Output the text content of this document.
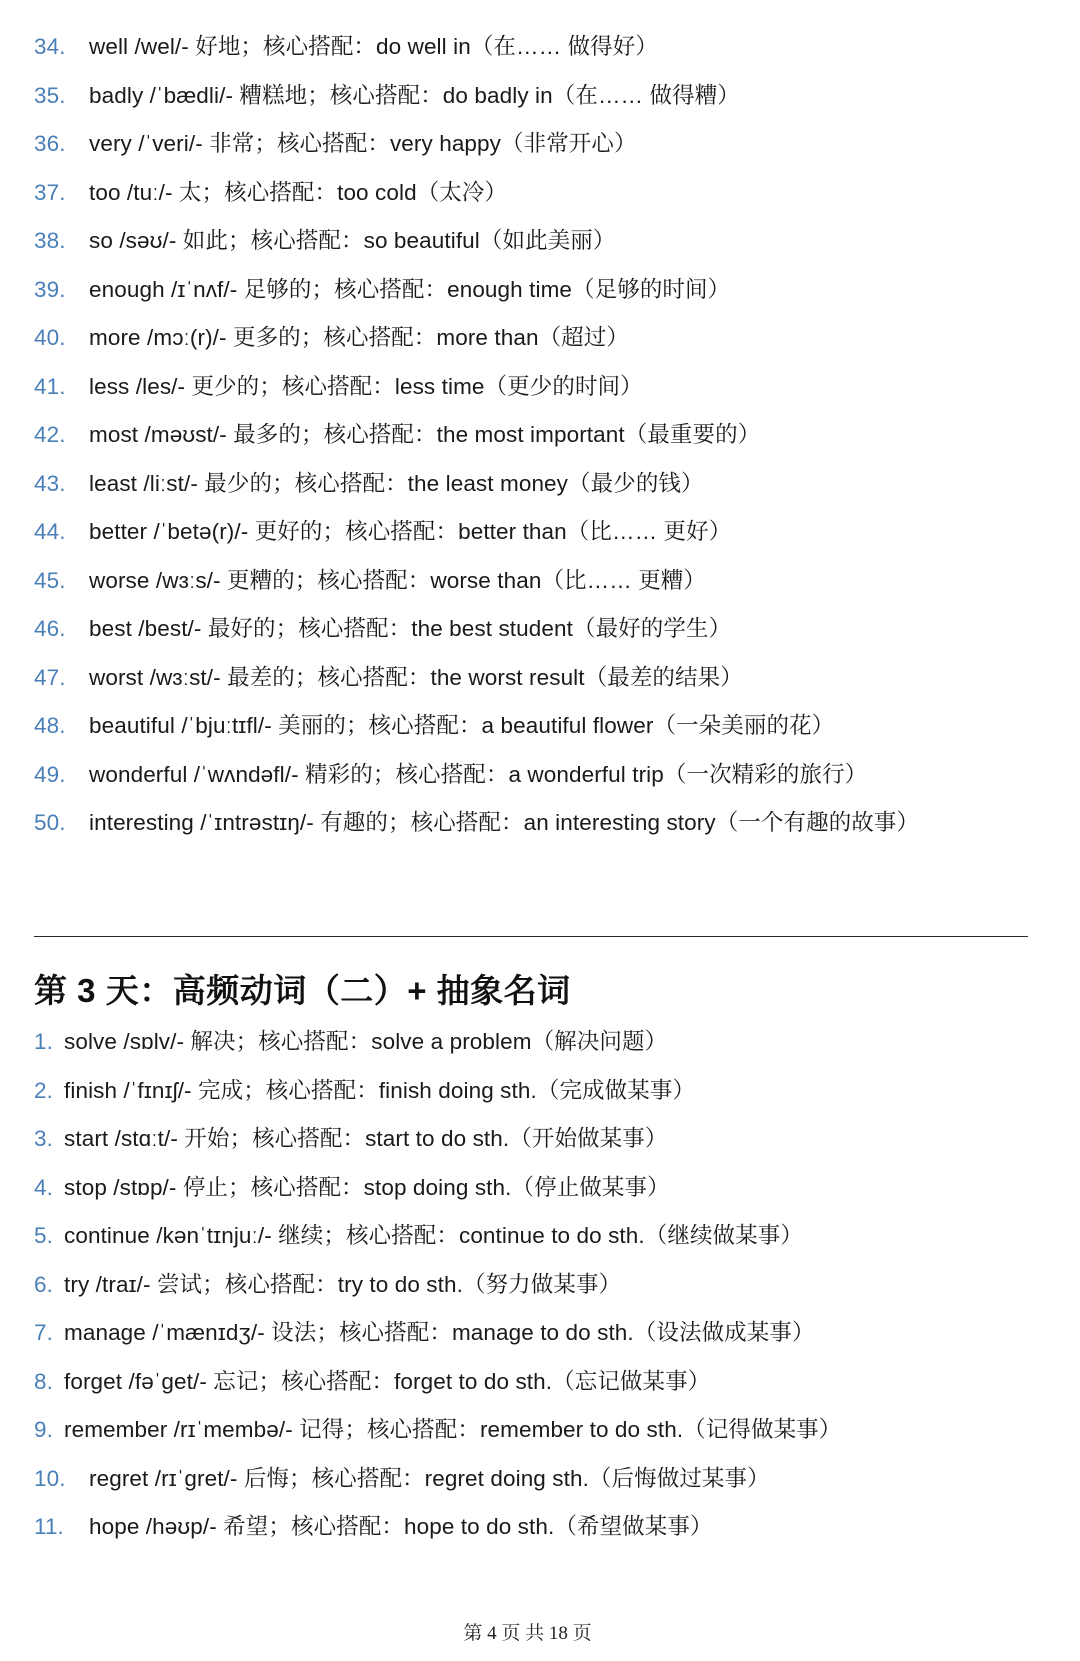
34.	well /wel/- 好地；核心搭配：do well in（在…… 做得好）
35.	badly /ˈbædli/- 糟糕地；核心搭配：do badly in（在…… 做得糟）
36.	very /ˈveri/- 非常；核心搭配：very happy（非常开心）
37.	too /tuː/- 太；核心搭配：too cold（太冷）
38.	so /səʊ/- 如此；核心搭配：so beautiful（如此美丽）
39.	enough /ɪˈnʌf/- 足够的；核心搭配：enough time（足够的时间）
40.	more /mɔː(r)/- 更多的；核心搭配：more than（超过）
41.	less /les/- 更少的；核心搭配：less time（更少的时间）
42.	most /məʊst/- 最多的；核心搭配：the most important（最重要的）
43.	least /liːst/- 最少的；核心搭配：the least money（最少的钱）
44.	better /ˈbetə(r)/- 更好的；核心搭配：better than（比…… 更好）
45.	worse /wɜːs/- 更糟的；核心搭配：worse than（比…… 更糟）
46.	best /best/- 最好的；核心搭配：the best student（最好的学生）
47.	worst /wɜːst/- 最差的；核心搭配：the worst result（最差的结果）
48.	beautiful /ˈbjuːtɪfl/- 美丽的；核心搭配：a beautiful flower（一朵美丽的花）
49.	wonderful /ˈwʌndəfl/- 精彩的；核心搭配：a wonderful trip（一次精彩的旅行）
50.	interesting /ˈɪntrəstɪŋ/- 有趣的；核心搭配：an interesting story（一个有趣的故事）
第 3 天：高频动词（二）+ 抽象名词
1. solve /sɒlv/- 解决；核心搭配：solve a problem（解决问题）
2. finish /ˈfɪnɪʃ/- 完成；核心搭配：finish doing sth.（完成做某事）
3. start /stɑːt/- 开始；核心搭配：start to do sth.（开始做某事）
4. stop /stɒp/- 停止；核心搭配：stop doing sth.（停止做某事）
5. continue /kənˈtɪnjuː/- 继续；核心搭配：continue to do sth.（继续做某事）
6. try /traɪ/- 尝试；核心搭配：try to do sth.（努力做某事）
7. manage /ˈmænɪdʒ/- 设法；核心搭配：manage to do sth.（设法做成某事）
8. forget /fəˈget/- 忘记；核心搭配：forget to do sth.（忘记做某事）
9. remember /rɪˈmembə/- 记得；核心搭配：remember to do sth.（记得做某事）
10. regret /rɪˈgret/- 后悔；核心搭配：regret doing sth.（后悔做过某事）
11. hope /həʊp/- 希望；核心搭配：hope to do sth.（希望做某事）

第 4 页 共 18 页
